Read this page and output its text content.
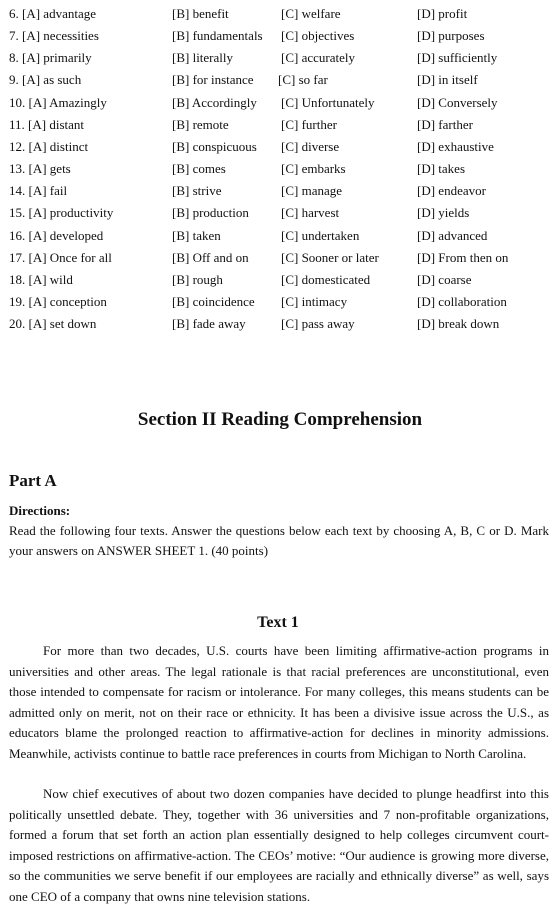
6. [A] advantage	[B] benefit	[C] welfare	[D] profit
7. [A] necessities	[B] fundamentals [C] objectives	[D] purposes
8. [A] primarily	[B] literally	[C] accurately	[D] sufficiently
9. [A] as such	[B] for instance [C] so far	[D] in itself
10. [A] Amazingly	[B] Accordingly [C] Unfortunately	[D] Conversely
11. [A] distant	[B] remote	[C] further	[D] farther
12. [A] distinct	[B] conspicuous [C] diverse	[D] exhaustive
13. [A] gets	[B] comes	[C] embarks	[D] takes
14. [A] fail	[B] strive	[C] manage	[D] endeavor
15. [A] productivity	[B] production [C] harvest	[D] yields
16. [A] developed	[B] taken	[C] undertaken	[D] advanced
17. [A] Once for all	[B] Off and on [C] Sooner or later	[D] From then on
18. [A] wild	[B] rough	[C] domesticated	[D] coarse
19. [A] conception	[B] coincidence [C] intimacy	[D] collaboration
20. [A] set down	[B] fade away	[C] pass away	[D] break down
Section II Reading Comprehension
Part A
Directions:
Read the following four texts. Answer the questions below each text by choosing A, B, C or D. Mark your answers on ANSWER SHEET 1. (40 points)
Text 1

For more than two decades, U.S. courts have been limiting affirmative-action programs in universities and other areas. The legal rationale is that racial preferences are unconstitutional, even those intended to compensate for racism or intolerance. For many colleges, this means students can be admitted only on merit, not on their race or ethnicity. It has been a divisive issue across the U.S., as educators blame the prolonged reaction to affirmative-action for declines in minority admissions. Meanwhile, activists continue to battle race preferences in courts from Michigan to North Carolina.

Now chief executives of about two dozen companies have decided to plunge headfirst into this politically unsettled debate. They, together with 36 universities and 7 non-profitable organizations, formed a forum that set forth an action plan essentially designed to help colleges circumvent court-imposed restrictions on affirmative-action. The CEOs’ motive: “Our audience is growing more diverse, so the communities we serve benefit if our employees are racially and ethnically diverse” as well, says one CEO of a company that owns nine television stations.
